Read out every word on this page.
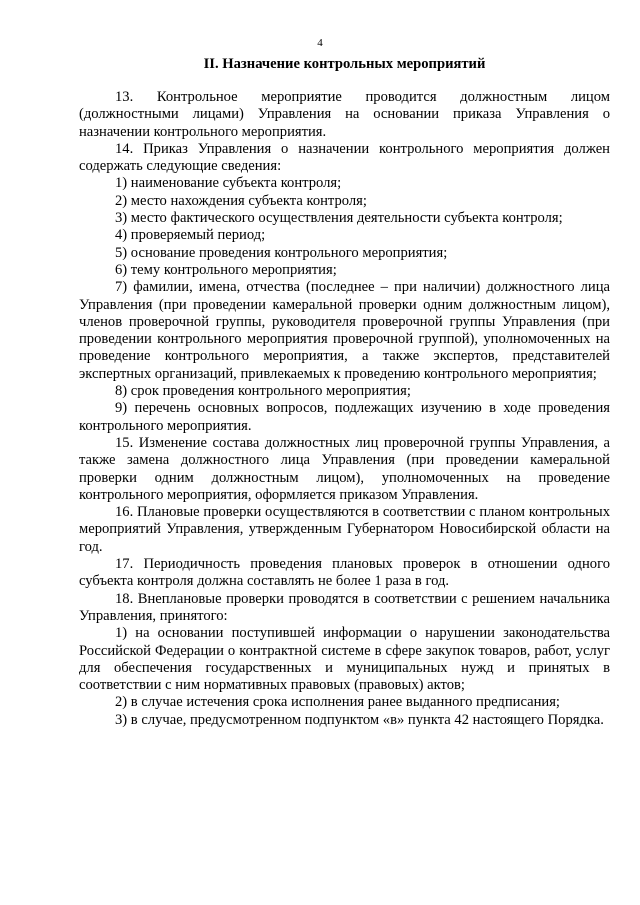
4
II. Назначение контрольных мероприятий

13. Контрольное мероприятие проводится должностным лицом (должностными лицами) Управления на основании приказа Управления о назначении контрольного мероприятия.

14. Приказ Управления о назначении контрольного мероприятия должен содержать следующие сведения:

1) наименование субъекта контроля;

2) место нахождения субъекта контроля;

3) место фактического осуществления деятельности субъекта контроля;

4) проверяемый период;

5) основание проведения контрольного мероприятия;

6) тему контрольного мероприятия;

7) фамилии, имена, отчества (последнее – при наличии) должностного лица Управления (при проведении камеральной проверки одним должностным лицом), членов проверочной группы, руководителя проверочной группы Управления (при проведении контрольного мероприятия проверочной группой), уполномоченных на проведение контрольного мероприятия, а также экспертов, представителей экспертных организаций, привлекаемых к проведению контрольного мероприятия;

8) срок проведения контрольного мероприятия;

9) перечень основных вопросов, подлежащих изучению в ходе проведения контрольного мероприятия.

15. Изменение состава должностных лиц проверочной группы Управления, а также замена должностного лица Управления (при проведении камеральной проверки одним должностным лицом), уполномоченных на проведение контрольного мероприятия, оформляется приказом Управления.

16. Плановые проверки осуществляются в соответствии с планом контрольных мероприятий Управления, утвержденным Губернатором Новосибирской области на год.

17. Периодичность проведения плановых проверок в отношении одного субъекта контроля должна составлять не более 1 раза в год.

18. Внеплановые проверки проводятся в соответствии с решением начальника Управления, принятого:

1) на основании поступившей информации о нарушении законодательства Российской Федерации о контрактной системе в сфере закупок товаров, работ, услуг для обеспечения государственных и муниципальных нужд и принятых в соответствии с ним нормативных правовых (правовых) актов;

2) в случае истечения срока исполнения ранее выданного предписания;

3) в случае, предусмотренном подпунктом «в» пункта 42 настоящего Порядка.
